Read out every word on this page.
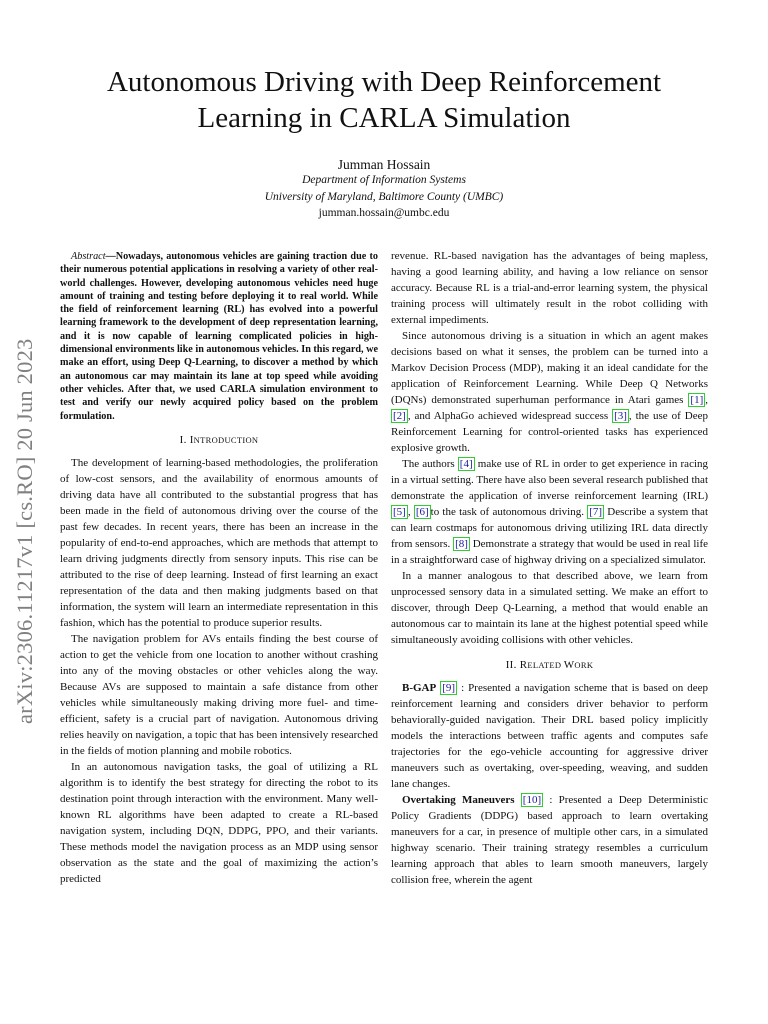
Autonomous Driving with Deep Reinforcement
Learning in CARLA Simulation
Jumman Hossain
Department of Information Systems
University of Maryland, Baltimore County (UMBC)
jumman.hossain@umbc.edu
arXiv:2306.11217v1 [cs.RO] 20 Jun 2023

Abstract—Nowadays, autonomous vehicles are gaining traction due to their numerous potential applications in resolving a variety of other real-world challenges. However, developing autonomous vehicles need huge amount of training and testing before deploying it to real world. While the field of reinforcement learning (RL) has evolved into a powerful learning framework to the development of deep representation learning, and it is now capable of learning complicated policies in high-dimensional environments like in autonomous vehicles. In this regard, we make an effort, using Deep Q-Learning, to discover a method by which an autonomous car may maintain its lane at top speed while avoiding other vehicles. After that, we used CARLA simulation environment to test and verify our newly acquired policy based on the problem formulation.

I. INTRODUCTION

The development of learning-based methodologies, the proliferation of low-cost sensors, and the availability of enormous amounts of driving data have all contributed to the substantial progress that has been made in the field of autonomous driving over the course of the past few decades. In recent years, there has been an increase in the popularity of end-to-end approaches, which are methods that attempt to learn driving judgments directly from sensory inputs. This rise can be attributed to the rise of deep learning. Instead of first learning an exact representation of the data and then making judgments based on that information, the system will learn an intermediate representation in this fashion, which has the potential to produce superior results.

The navigation problem for AVs entails finding the best course of action to get the vehicle from one location to another without crashing into any of the moving obstacles or other vehicles along the way. Because AVs are supposed to maintain a safe distance from other vehicles while simultaneously making driving more fuel- and time-efficient, safety is a crucial part of navigation. Autonomous driving relies heavily on navigation, a topic that has been intensively researched in the fields of motion planning and mobile robotics.

In an autonomous navigation tasks, the goal of utilizing a RL algorithm is to identify the best strategy for directing the robot to its destination point through interaction with the environment. Many well-known RL algorithms have been adapted to create a RL-based navigation system, including DQN, DDPG, PPO, and their variants. These methods model the navigation process as an MDP using sensor observation as the state and the goal of maximizing the action’s predicted

revenue. RL-based navigation has the advantages of being mapless, having a good learning ability, and having a low reliance on sensor accuracy. Because RL is a trial-and-error learning system, the physical training process will ultimately result in the robot colliding with external impediments.

Since autonomous driving is a situation in which an agent makes decisions based on what it senses, the problem can be turned into a Markov Decision Process (MDP), making it an ideal candidate for the application of Reinforcement Learning. While Deep Q Networks (DQNs) demonstrated superhuman performance in Atari games [1] , [2] , and AlphaGo achieved widespread success [3] , the use of Deep Reinforcement Learning for control-oriented tasks has experienced explosive growth.

The authors [4] make use of RL in order to get experience in racing in a virtual setting. There have also been several research published that demonstrate the application of inverse reinforcement learning (IRL) [5] , [6] to the task of autonomous driving. [7] Describe a system that can learn costmaps for autonomous driving utilizing IRL data directly from sensors. [8] Demonstrate a strategy that would be used in real life in a straightforward case of highway driving on a specialized simulator.

In a manner analogous to that described above, we learn from unprocessed sensory data in a simulated setting. We make an effort to discover, through Deep Q-Learning, a method that would enable an autonomous car to maintain its lane at the highest potential speed while simultaneously avoiding collisions with other vehicles.

II. RELATED WORK

B-GAP [9] : Presented a navigation scheme that is based on deep reinforcement learning and considers driver behavior to perform behaviorally-guided navigation. Their DRL based policy implicitly models the interactions between traffic agents and computes safe trajectories for the ego-vehicle accounting for aggressive driver maneuvers such as overtaking, over-speeding, weaving, and sudden lane changes.

Overtaking Maneuvers [10] : Presented a Deep Deterministic Policy Gradients (DDPG) based approach to learn overtaking maneuvers for a car, in presence of multiple other cars, in a simulated highway scenario. Their training strategy resembles a curriculum learning approach that ables to learn smooth maneuvers, largely collision free, wherein the agent
